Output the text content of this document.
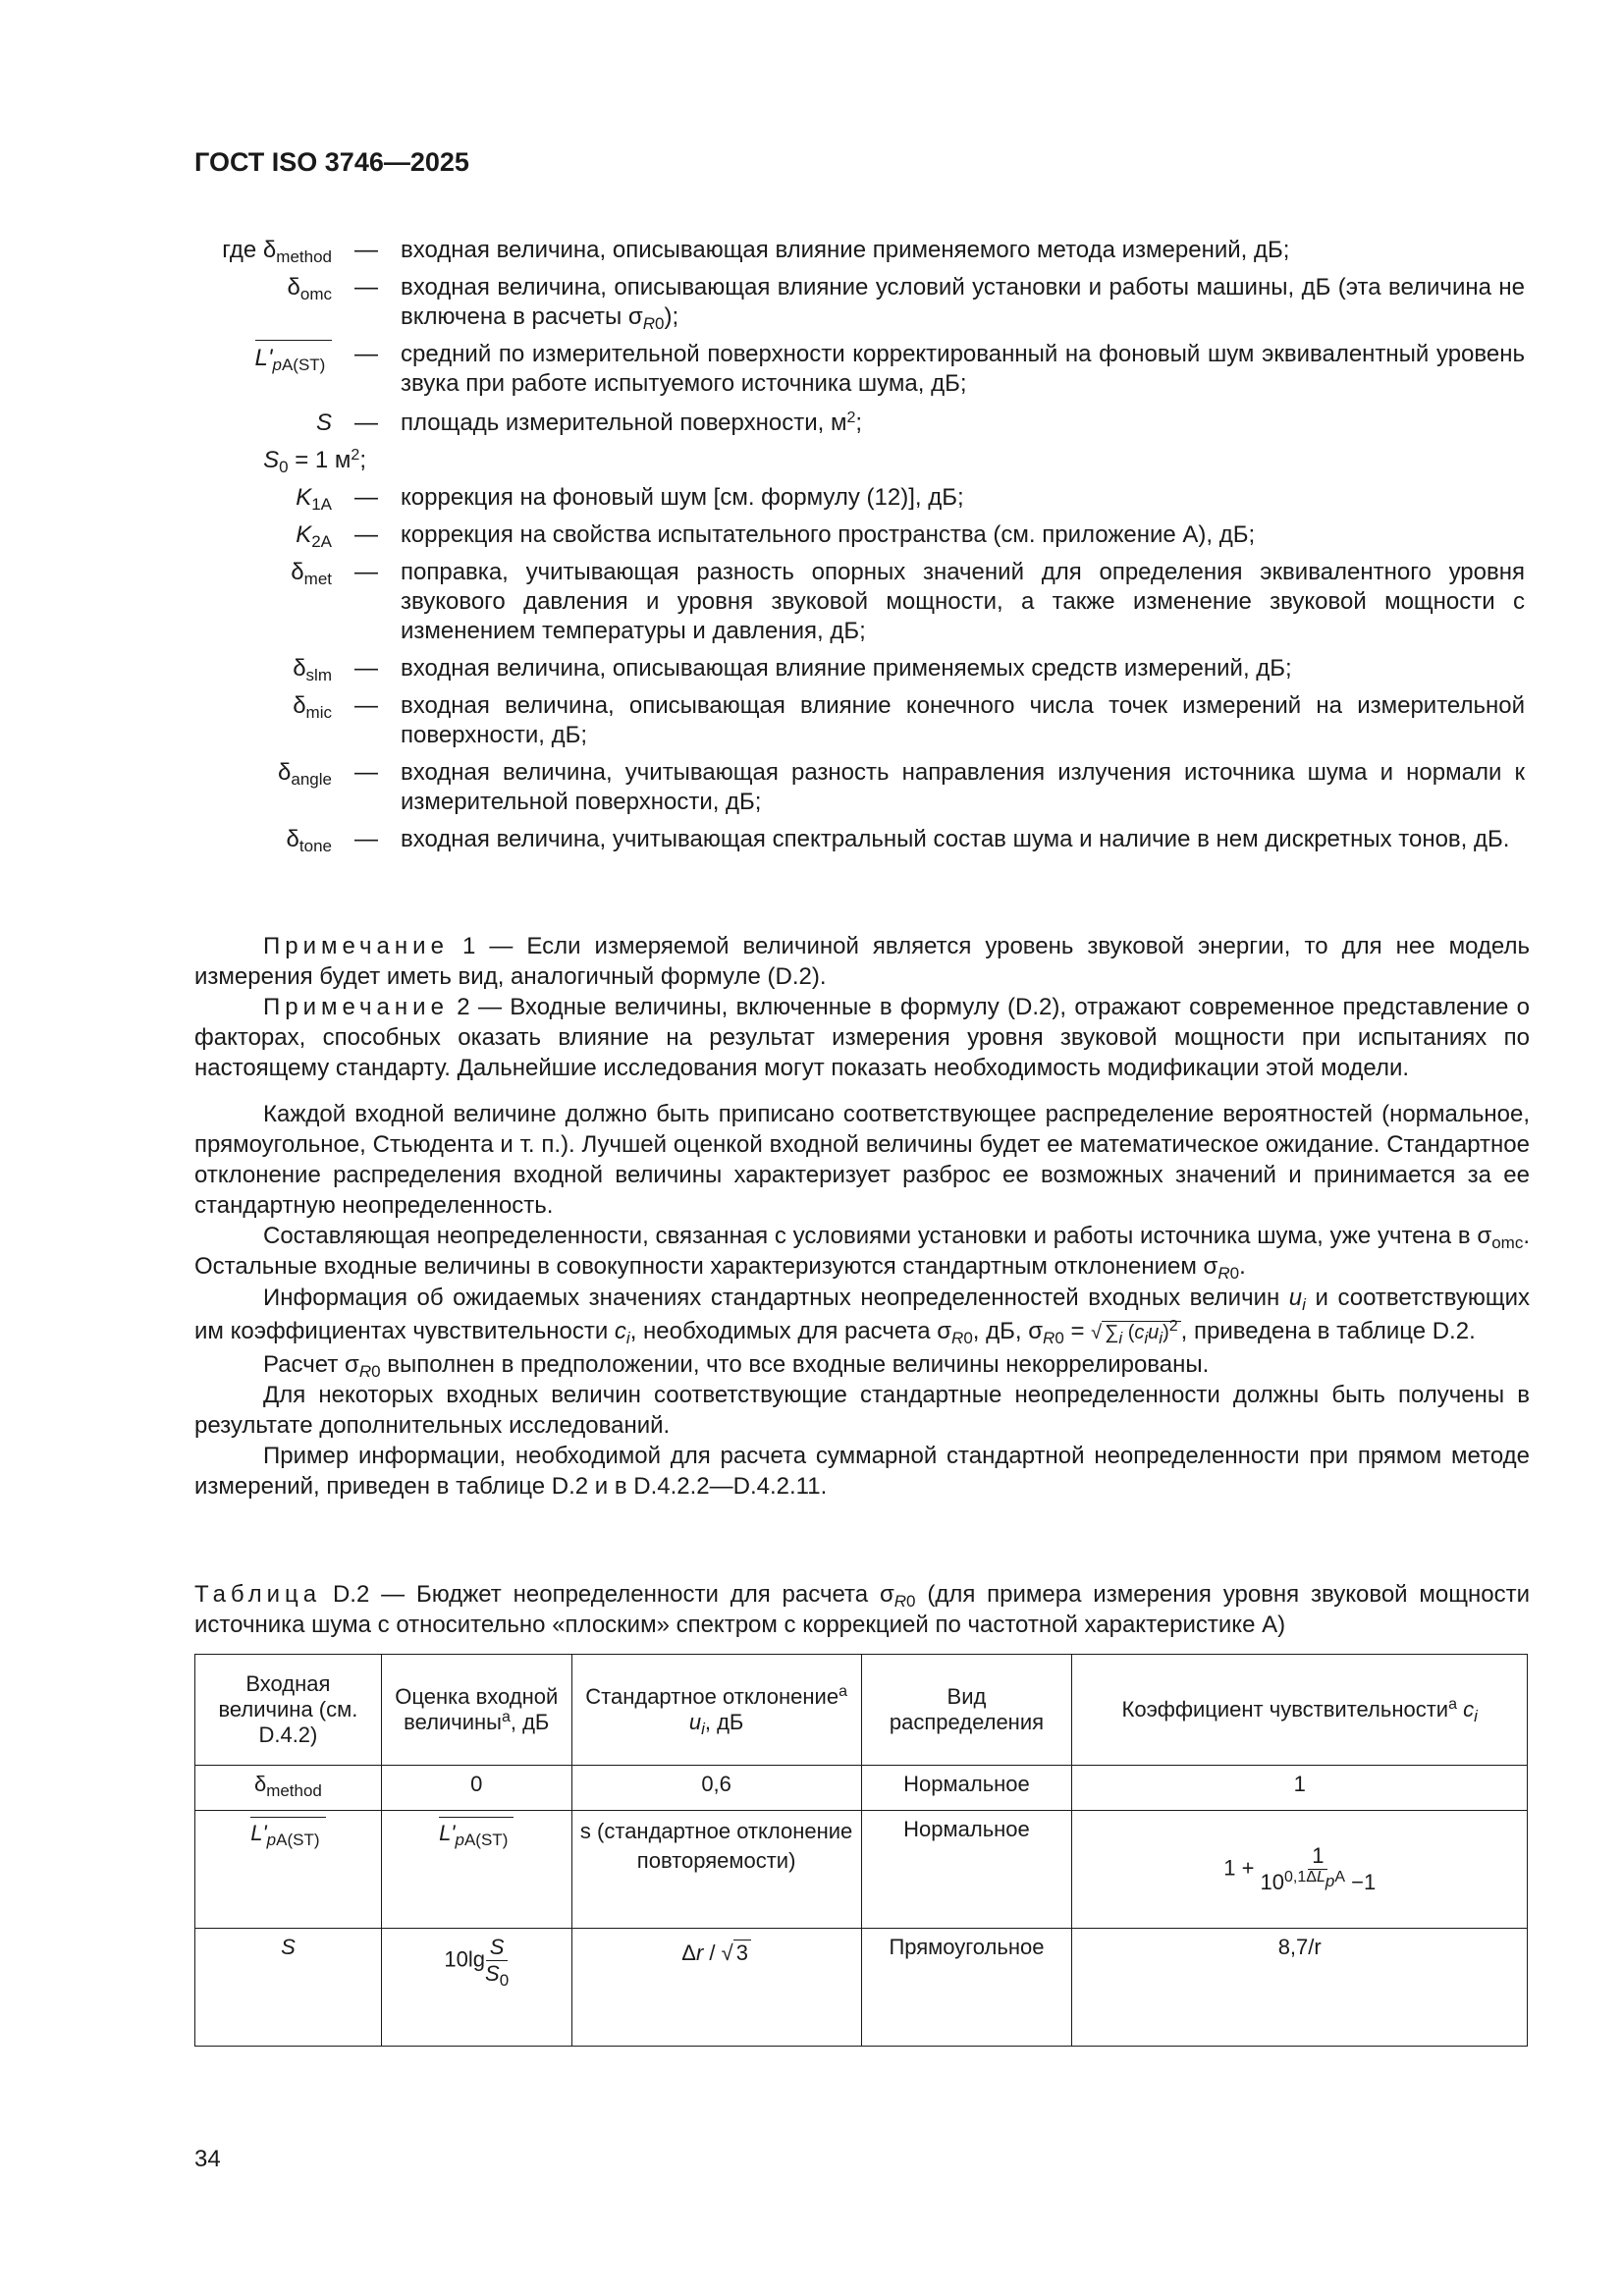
ГОСТ ISO 3746—2025
где $\delta_{method}$ — входная величина, описывающая влияние применяемого метода измерений, дБ;
$\delta_{omc}$ — входная величина, описывающая влияние условий установки и работы машины, дБ (эта величина не включена в расчеты $\sigma_{R0}$);
$L'_{pA(ST)}$	— средний по измерительной поверхности корректированный на фоновый шум эквивалентный уровень звука при работе испытуемого источника шума, дБ;
S — площадь измерительной поверхности, $м^2$;
$S_0 = 1$ $м^2$;
$K_{1A}$ — коррекция на фоновый шум [см. формулу (12)], дБ;
$K_{2A}$ — коррекция на свойства испытательного пространства (см. приложение А), дБ;
$\delta_{met}$ — поправка, учитывающая разность опорных значений для определения эквивалентного уровня звукового давления и уровня звуковой мощности, а также изменение звуковой мощности с изменением температуры и давления, дБ;
$\delta_{slm}$ — входная величина, описывающая влияние применяемых средств измерений, дБ;
$\delta_{mic}$ — входная величина, описывающая влияние конечного числа точек измерений на измерительной поверхности, дБ;
$\delta_{angle}$ — входная величина, учитывающая разность направления излучения источника шума и нормали к измерительной поверхности, дБ;
$\delta_{tone}$ — входная величина, учитывающая спектральный состав шума и наличие в нем дискретных тонов, дБ.

Примечание 1 — Если измеряемой величиной является уровень звуковой энергии, то для нее модель измерения будет иметь вид, аналогичный формуле (D.2).

Примечание 2 — Входные величины, включенные в формулу (D.2), отражают современное представление о факторах, способных оказать влияние на результат измерения уровня звуковой мощности при испытаниях по настоящему стандарту. Дальнейшие исследования могут показать необходимость модификации этой модели.

Каждой входной величине должно быть приписано соответствующее распределение вероятностей (нормальное, прямоугольное, Стьюдента и т. п.). Лучшей оценкой входной величины будет ее математическое ожидание. Стандартное отклонение распределения входной величины характеризует разброс ее возможных значений и принимается за ее стандартную неопределенность.

Составляющая неопределенности, связанная с условиями установки и работы источника шума, уже учтена в $\sigma_{omc}$. Остальные входные величины в совокупности характеризуются стандартным отклонением $\sigma_{R0}$.

Информация об ожидаемых значениях стандартных неопределенностей входных величин $u_i$ и соответствующих им коэффициентах чувствительности $c_i$, необходимых для расчета $\sigma_{R0}$, дБ, $\sigma_{R0}$ = √ $\sum_i$ $(c_iu_i)^2$ , приведена в таблице D.2.

Расчет $\sigma_{R0}$ выполнен в предположении, что все входные величины некоррелированы.

Для некоторых входных величин соответствующие стандартные неопределенности должны быть получены в результате дополнительных исследований.

Пример информации, необходимой для расчета суммарной стандартной неопределенности при прямом методе измерений, приведен в таблице D.2 и в D.4.2.2—D.4.2.11.

Таблица D.2 — Бюджет неопределенности для расчета $\sigma_{R0}$ (для примера измерения уровня звуковой мощности источника шума с относительно «плоским» спектром с коррекцией по частотной характеристике А)
Входная величина (см. D.4.2)	Оценка входной величины$^a$, дБ	Стандартное отклонение$^a$ $u_i$, дБ	Вид распределения	Коэффициент чувствительности$^a$ $c_i$
$\delta_{method}$	0	0,6	Нормальное	1
$L'_{pA(ST)}$	$L'_{pA(ST)}$	s (стандартное отклонение повторяемости)	Нормальное	$1 + \frac{1}{10^{0,1\Delta L_pA} -1}$

S	$10\lg \frac{S}{S_0}$	Δr / √ 3	Прямоугольное	8,7/r
34
